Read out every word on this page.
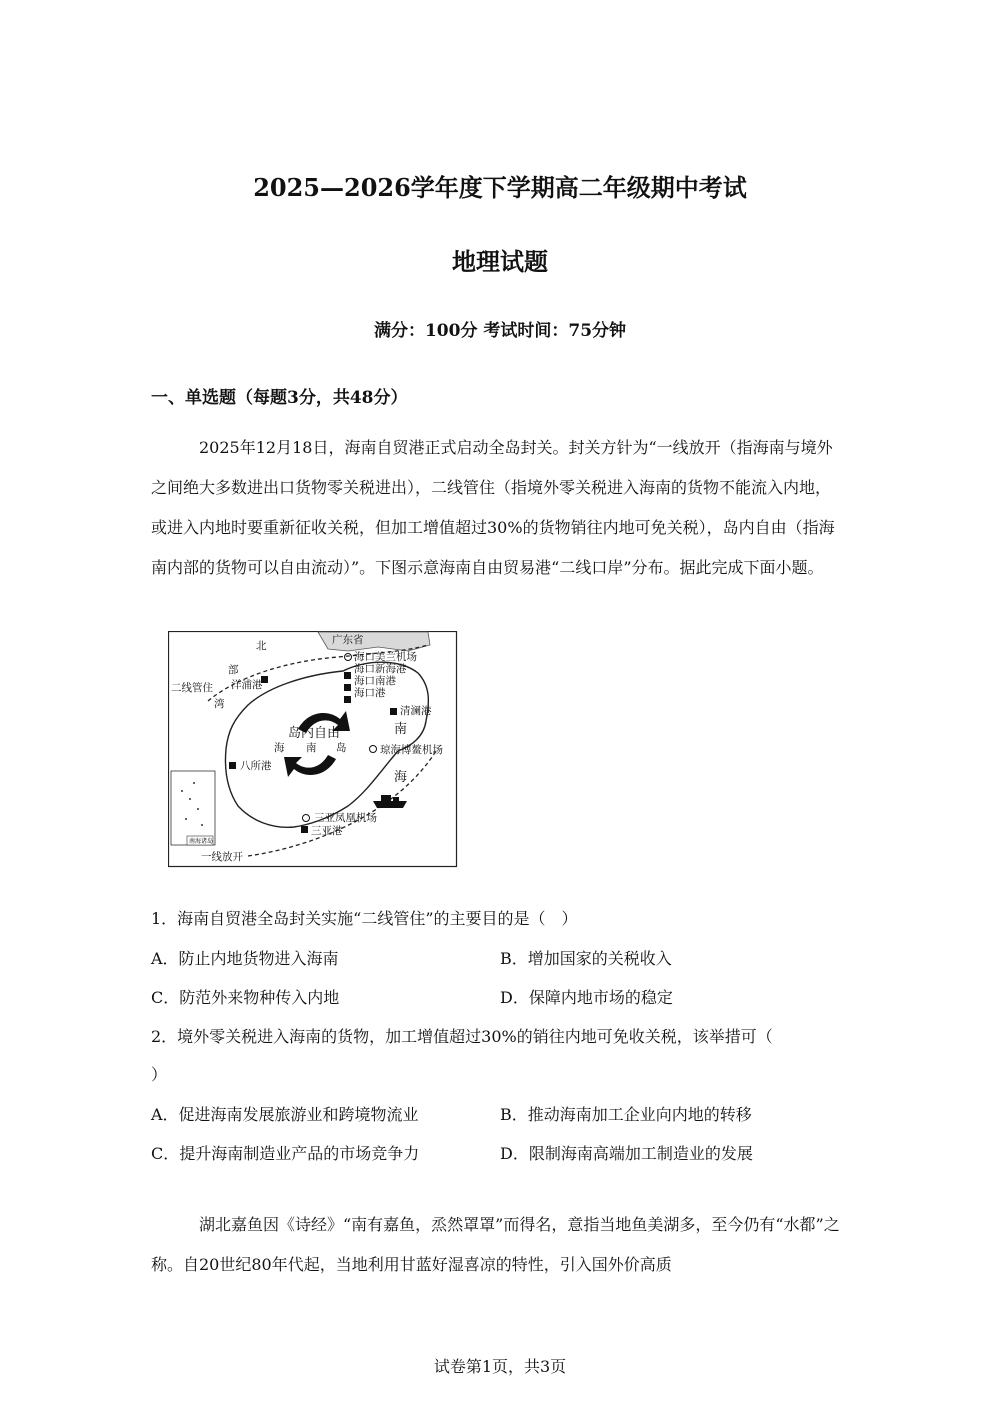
2025—2026学年度下学期高二年级期中考试
地理试题
满分：100分 考试时间：75分钟
一、单选题（每题3分，共48分）

2025年12月18日，海南自贸港正式启动全岛封关。封关方针为“一线放开（指海南与境外之间绝大多数进出口货物零关税进出），二线管住（指境外零关税进入海南的货物不能流入内地，或进入内地时要重新征收关税，但加工增值超过30%的货物销往内地可免关税），岛内自由（指海南内部的货物可以自由流动）”。下图示意海南自由贸易港“二线口岸”分布。据此完成下面小题。

南海诸岛
北	广东省
部
湾
二线管住
一线放开
岛内自由
海 南 岛
南
海
海口美兰机场
海口新海港
海口南港
海口港
洋浦港
清澜港
琼海博鳌机场
八所港
三亚凤凰机场
三亚港
1．海南自贸港全岛封关实施“二线管住”的主要目的是（　）
A．防止内地货物进入海南	B．增加国家的关税收入
C．防范外来物种传入内地	D．保障内地市场的稳定
2．境外零关税进入海南的货物，加工增值超过30%的销往内地可免收关税，该举措可（
）
A．促进海南发展旅游业和跨境物流业	B．推动海南加工企业向内地的转移
C．提升海南制造业产品的市场竞争力	D．限制海南高端加工制造业的发展

湖北嘉鱼因《诗经》“南有嘉鱼，烝然罩罩”而得名，意指当地鱼美湖多，至今仍有“水都”之称。自20世纪80年代起，当地利用甘蓝好湿喜凉的特性，引入国外价高质

试卷第1页，共3页
